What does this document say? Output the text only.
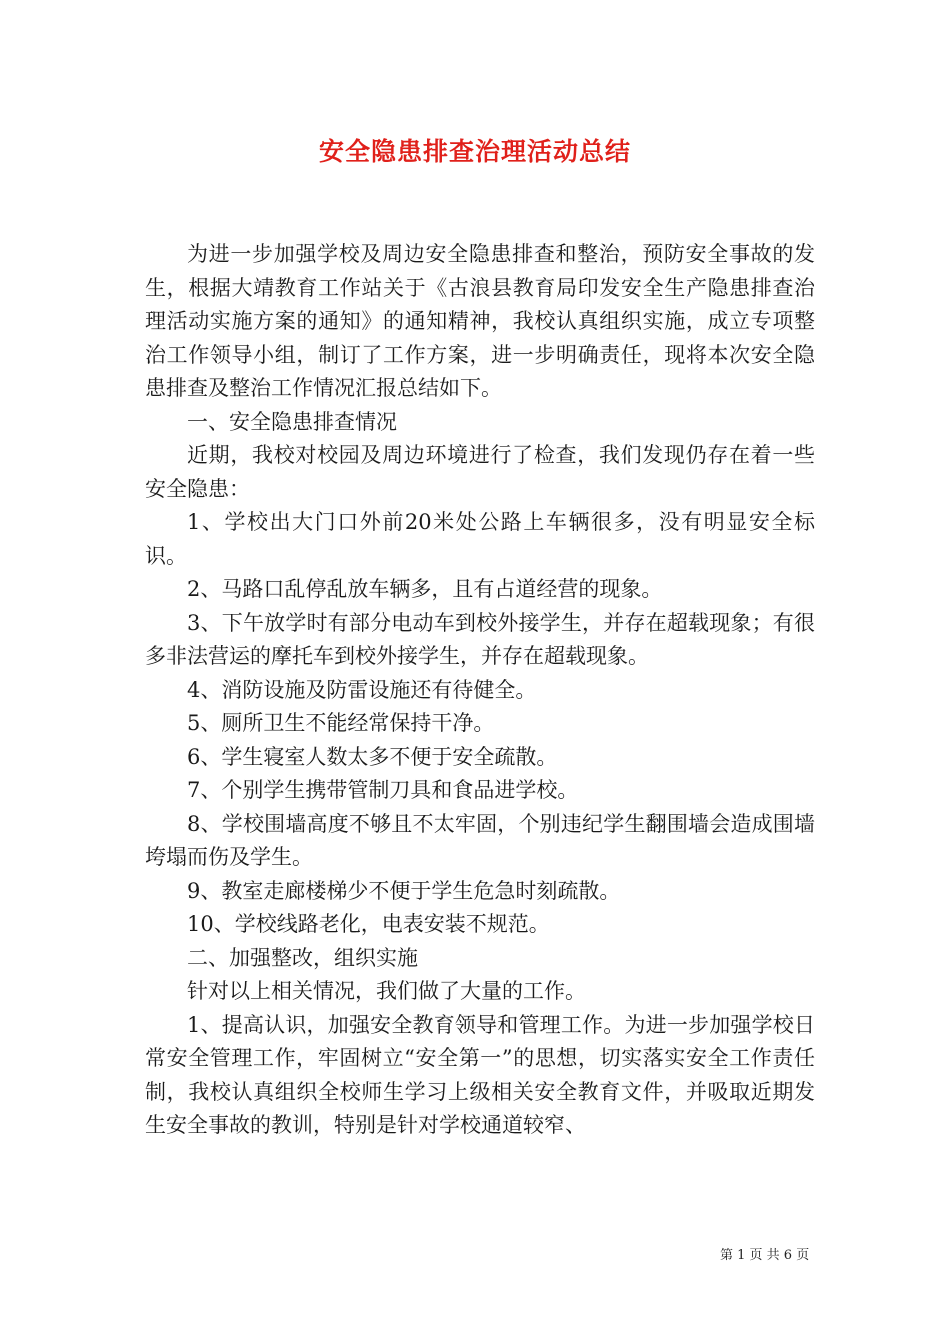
安全隐患排查治理活动总结

为进一步加强学校及周边安全隐患排查和整治，预防安全事故的发生，根据大靖教育工作站关于《古浪县教育局印发安全生产隐患排查治理活动实施方案的通知》的通知精神，我校认真组织实施，成立专项整治工作领导小组，制订了工作方案，进一步明确责任，现将本次安全隐患排查及整治工作情况汇报总结如下。

一、安全隐患排查情况

近期，我校对校园及周边环境进行了检查，我们发现仍存在着一些安全隐患：

1、学校出大门口外前20米处公路上车辆很多，没有明显安全标识。

2、马路口乱停乱放车辆多，且有占道经营的现象。

3、下午放学时有部分电动车到校外接学生，并存在超载现象；有很多非法营运的摩托车到校外接学生，并存在超载现象。

4、消防设施及防雷设施还有待健全。

5、厕所卫生不能经常保持干净。

6、学生寝室人数太多不便于安全疏散。

7、个别学生携带管制刀具和食品进学校。

8、学校围墙高度不够且不太牢固，个别违纪学生翻围墙会造成围墙垮塌而伤及学生。

9、教室走廊楼梯少不便于学生危急时刻疏散。

10、学校线路老化，电表安装不规范。

二、加强整改，组织实施

针对以上相关情况，我们做了大量的工作。

1、提高认识，加强安全教育领导和管理工作。为进一步加强学校日常安全管理工作，牢固树立“安全第一”的思想，切实落实安全工作责任制，我校认真组织全校师生学习上级相关安全教育文件，并吸取近期发生安全事故的教训，特别是针对学校通道较窄、

第 1 页 共 6 页
